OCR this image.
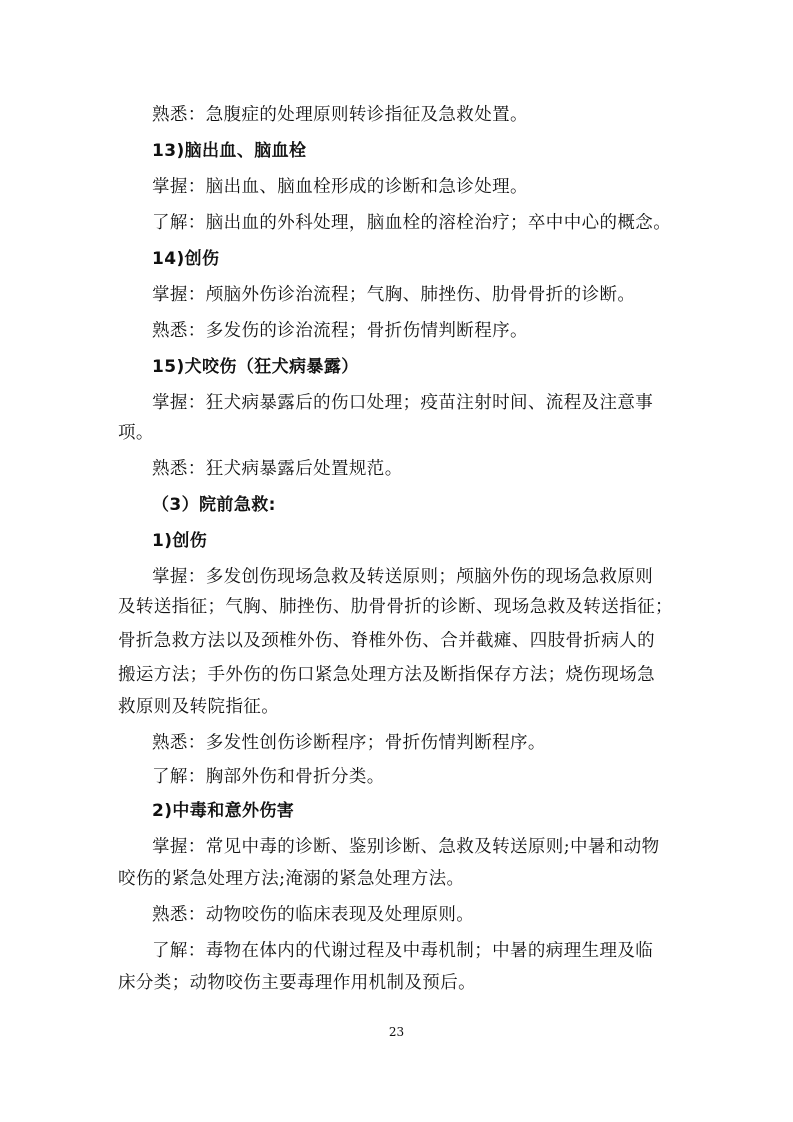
熟悉：急腹症的处理原则转诊指征及急救处置。
13)脑出血、脑血栓
掌握：脑出血、脑血栓形成的诊断和急诊处理。
了解：脑出血的外科处理，脑血栓的溶栓治疗；卒中中心的概念。
14)创伤
掌握：颅脑外伤诊治流程；气胸、肺挫伤、肋骨骨折的诊断。
熟悉：多发伤的诊治流程；骨折伤情判断程序。
15)犬咬伤（狂犬病暴露）
掌握：狂犬病暴露后的伤口处理；疫苗注射时间、流程及注意事
项。
熟悉：狂犬病暴露后处置规范。
（3）院前急救:
1)创伤
掌握：多发创伤现场急救及转送原则；颅脑外伤的现场急救原则
及转送指征；气胸、肺挫伤、肋骨骨折的诊断、现场急救及转送指征；
骨折急救方法以及颈椎外伤、脊椎外伤、合并截瘫、四肢骨折病人的
搬运方法；手外伤的伤口紧急处理方法及断指保存方法；烧伤现场急
救原则及转院指征。
熟悉：多发性创伤诊断程序；骨折伤情判断程序。
了解：胸部外伤和骨折分类。
2)中毒和意外伤害
掌握：常见中毒的诊断、鉴别诊断、急救及转送原则;中暑和动物
咬伤的紧急处理方法;淹溺的紧急处理方法。
熟悉：动物咬伤的临床表现及处理原则。
了解：毒物在体内的代谢过程及中毒机制；中暑的病理生理及临
床分类；动物咬伤主要毒理作用机制及预后。
23
